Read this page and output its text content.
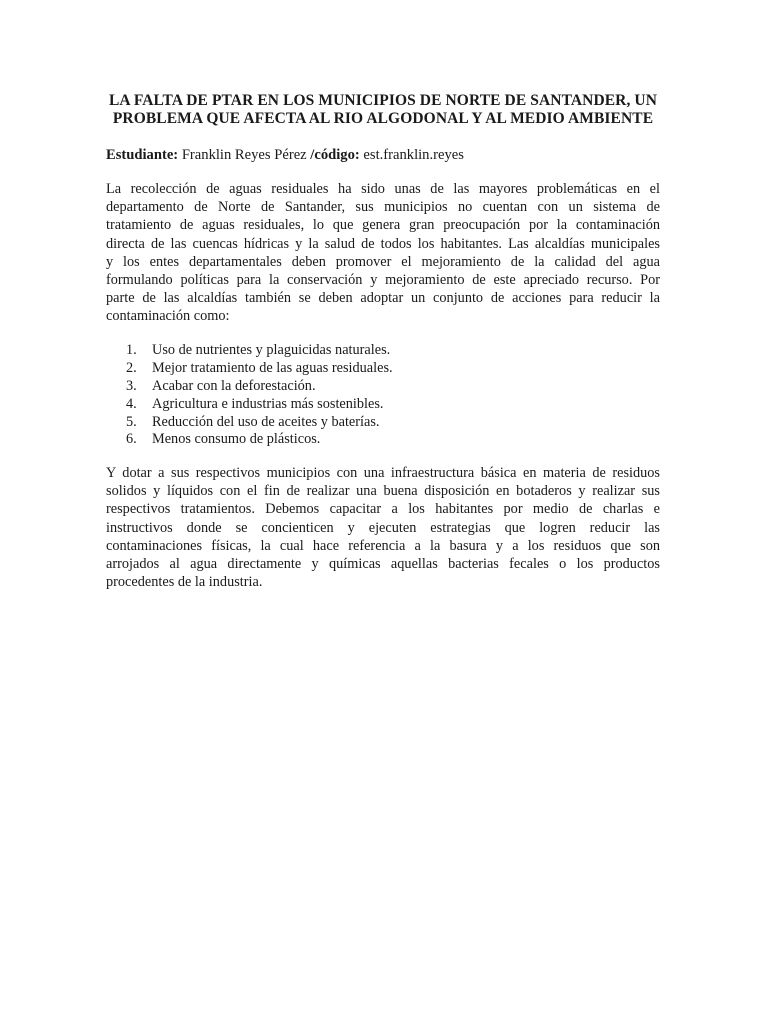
LA FALTA DE PTAR EN LOS MUNICIPIOS DE NORTE DE SANTANDER, UN
PROBLEMA QUE AFECTA AL RIO ALGODONAL Y AL MEDIO AMBIENTE
Estudiante: Franklin Reyes Pérez /código: est.franklin.reyes
La recolección de aguas residuales ha sido unas de las mayores problemáticas en el
departamento de Norte de Santander, sus municipios no cuentan con un sistema de
tratamiento de aguas residuales, lo que genera gran preocupación por la contaminación
directa de las cuencas hídricas y la salud de todos los habitantes. Las alcaldías municipales
y los entes departamentales deben promover el mejoramiento de la calidad del agua
formulando políticas para la conservación y mejoramiento de este apreciado recurso. Por
parte de las alcaldías también se deben adoptar un conjunto de acciones para reducir la
contaminación como:
1.	Uso de nutrientes y plaguicidas naturales.
2.	Mejor tratamiento de las aguas residuales.
3.	Acabar con la deforestación.
4.	Agricultura e industrias más sostenibles.
5.	Reducción del uso de aceites y baterías.
6.	Menos consumo de plásticos.
Y dotar a sus respectivos municipios con una infraestructura básica en materia de residuos
solidos y líquidos con el fin de realizar una buena disposición en botaderos y realizar sus
respectivos tratamientos. Debemos capacitar a los habitantes por medio de charlas e
instructivos donde se concienticen y ejecuten estrategias que logren reducir las
contaminaciones físicas, la cual hace referencia a la basura y a los residuos que son
arrojados al agua directamente y químicas aquellas bacterias fecales o los productos
procedentes de la industria.
